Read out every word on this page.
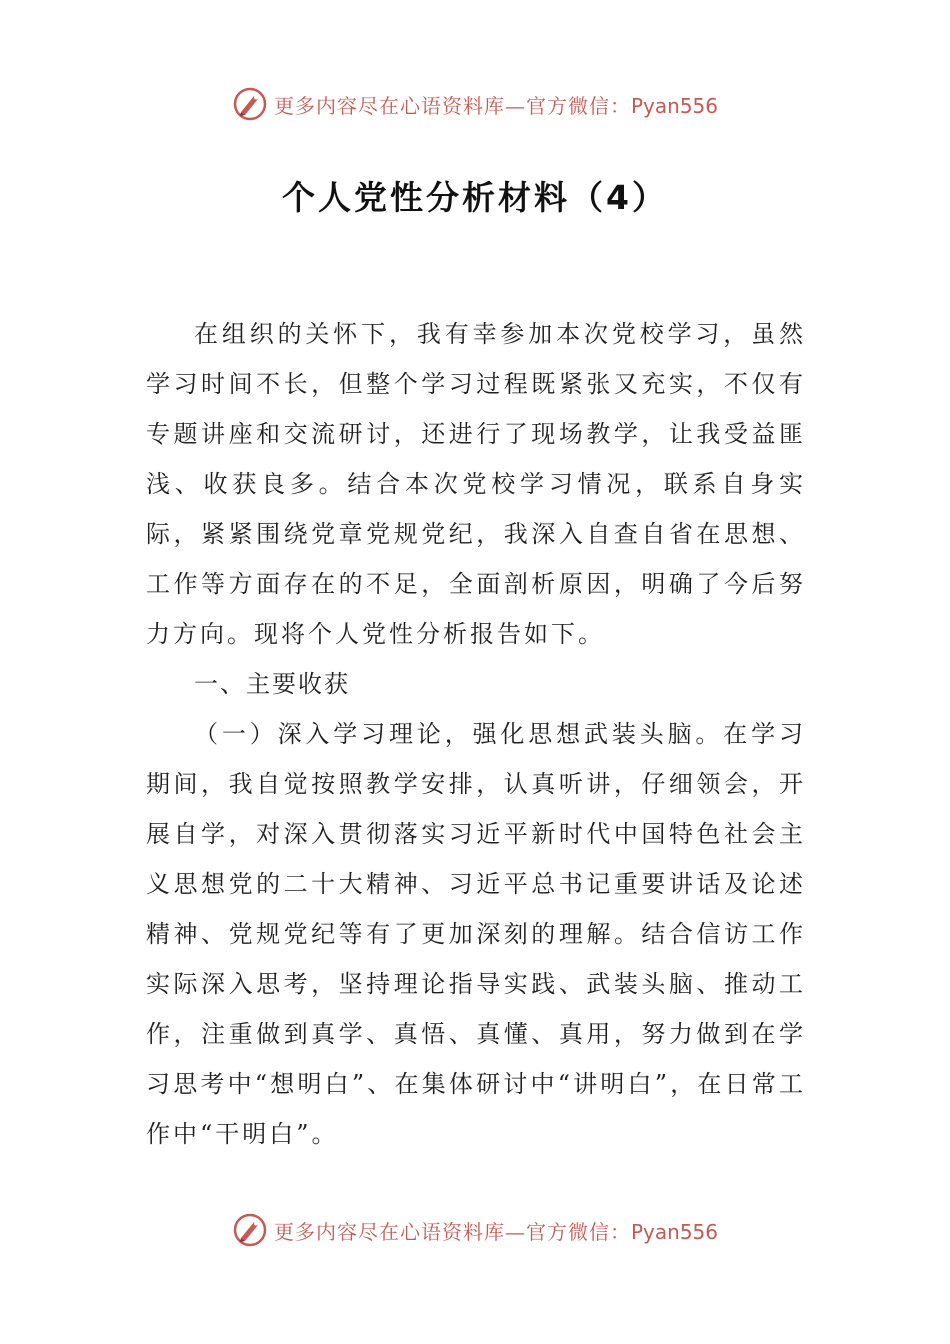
更多内容尽在心语资料库—官方微信：Pyan556
个人党性分析材料（4）

在组织的关怀下，我有幸参加本次党校学习，虽然学习时间不长，但整个学习过程既紧张又充实，不仅有专题讲座和交流研讨，还进行了现场教学，让我受益匪浅、收获良多。结合本次党校学习情况，联系自身实际，紧紧围绕党章党规党纪，我深入自查自省在思想、工作等方面存在的不足，全面剖析原因，明确了今后努力方向。现将个人党性分析报告如下。

一、主要收获

（一）深入学习理论，强化思想武装头脑。在学习期间，我自觉按照教学安排，认真听讲，仔细领会，开展自学，对深入贯彻落实习近平新时代中国特色社会主义思想党的二十大精神、习近平总书记重要讲话及论述精神、党规党纪等有了更加深刻的理解。结合信访工作实际深入思考，坚持理论指导实践、武装头脑、推动工作，注重做到真学、真悟、真懂、真用，努力做到在学习思考中“想明白”、在集体研讨中“讲明白”，在日常工作中“干明白”。

更多内容尽在心语资料库—官方微信：Pyan556
